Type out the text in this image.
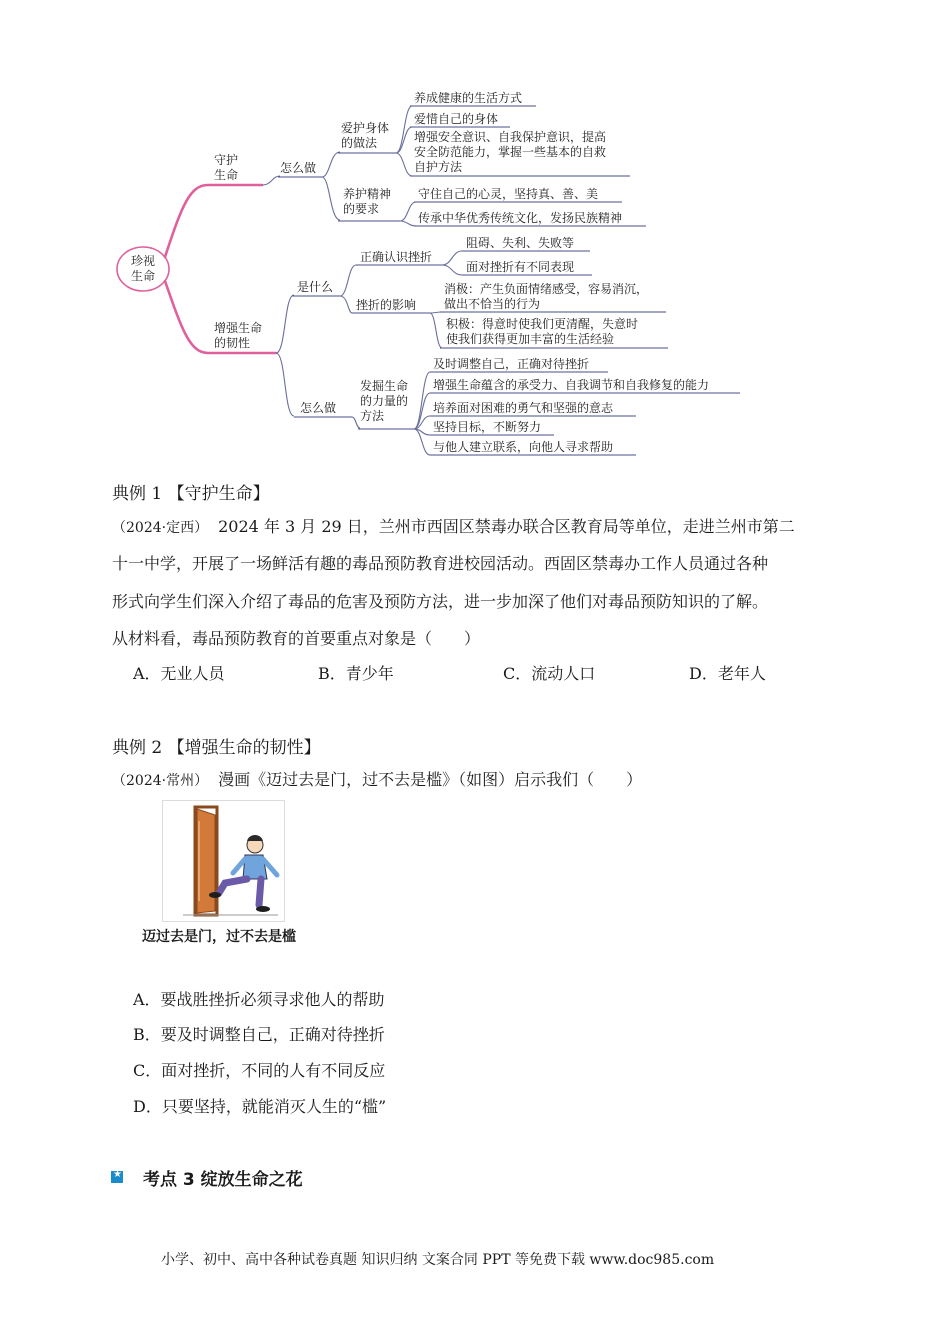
珍视生命
守护生命	怎么做
爱护身体的做法
养成健康的生活方式
爱惜自己的身体
增强安全意识、自我保护意识，提高安全防范能力，掌握一些基本的自救自护方法
养护精神的要求
守住自己的心灵，坚持真、善、美
传承中华优秀传统文化，发扬民族精神
增强生命的韧性
是什么
正确认识挫折
阻碍、失利、失败等
面对挫折有不同表现
挫折的影响
消极：产生负面情绪感受，容易消沉，做出不恰当的行为
积极：得意时使我们更清醒，失意时使我们获得更加丰富的生活经验
怎么做
发掘生命的力量的方法
及时调整自己，正确对待挫折
增强生命蕴含的承受力、自我调节和自我修复的能力
培养面对困难的勇气和坚强的意志
坚持目标，不断努力
与他人建立联系，向他人寻求帮助
典例 1 【守护生命】
（2024·定西） 2024 年 3 月 29 日，兰州市西固区禁毒办联合区教育局等单位，走进兰州市第二
十一中学，开展了一场鲜活有趣的毒品预防教育进校园活动。西固区禁毒办工作人员通过各种
形式向学生们深入介绍了毒品的危害及预防方法，进一步加深了他们对毒品预防知识的了解。
从材料看，毒品预防教育的首要重点对象是（　　）
A．无业人员	B．青少年	C．流动人口	D．老年人
典例 2 【增强生命的韧性】
（2024·常州） 漫画《迈过去是门，过不去是槛》（如图）启示我们（　　）
迈过去是门，过不去是槛
A．要战胜挫折必须寻求他人的帮助
B．要及时调整自己，正确对待挫折
C．面对挫折，不同的人有不同反应
D．只要坚持，就能消灭人生的“槛”
★ 考点 3 绽放生命之花
小学、初中、高中各种试卷真题 知识归纳 文案合同 PPT 等免费下载 www.doc985.com
